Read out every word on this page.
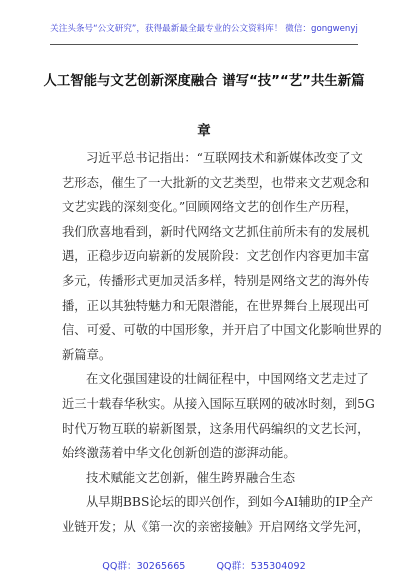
关注头条号“公文研究”，获得最新最全最专业的公文资料库！ 微信：gongwenyj
人工智能与文艺创新深度融合 谱写“技”“艺”共生新篇
章
习近平总书记指出：“互联网技术和新媒体改变了文
艺形态，催生了一大批新的文艺类型，也带来文艺观念和
文艺实践的深刻变化。”回顾网络文艺的创作生产历程，
我们欣喜地看到，新时代网络文艺抓住前所未有的发展机
遇，正稳步迈向崭新的发展阶段：文艺创作内容更加丰富
多元，传播形式更加灵活多样，特别是网络文艺的海外传
播，正以其独特魅力和无限潜能，在世界舞台上展现出可
信、可爱、可敬的中国形象，并开启了中国文化影响世界的
新篇章。
在文化强国建设的壮阔征程中，中国网络文艺走过了
近三十载春华秋实。从接入国际互联网的破冰时刻，到5G
时代万物互联的崭新图景，这条用代码编织的文艺长河，
始终激荡着中华文化创新创造的澎湃动能。
技术赋能文艺创新，催生跨界融合生态
从早期BBS论坛的即兴创作，到如今AI辅助的IP全产
业链开发；从《第一次的亲密接触》开启网络文学先河，
QQ群：30265665	QQ群：535304092
